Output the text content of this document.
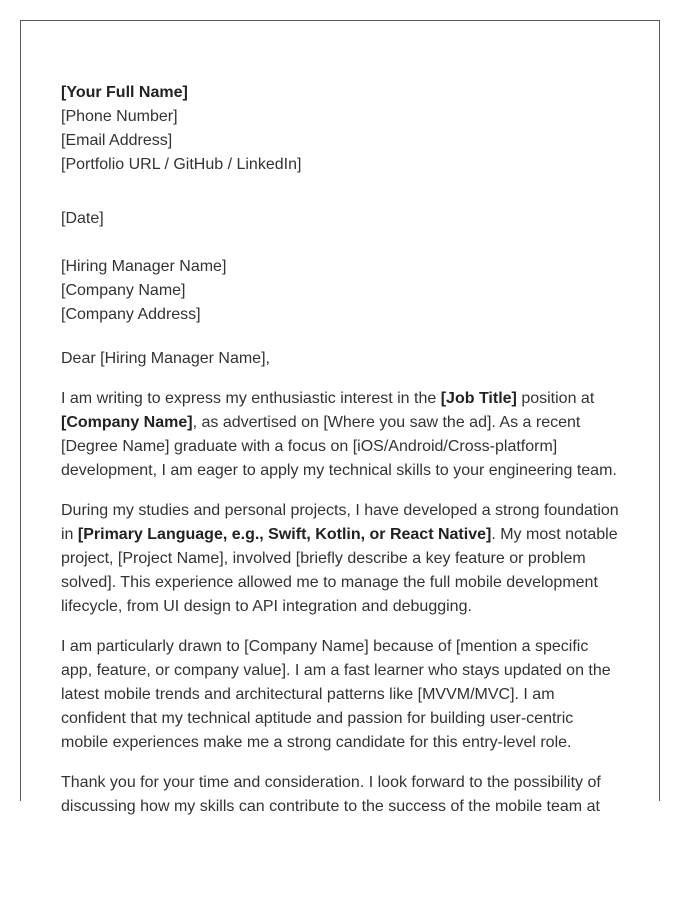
[Your Full Name]
[Phone Number]
[Email Address]
[Portfolio URL / GitHub / LinkedIn]
[Date]
[Hiring Manager Name]
[Company Name]
[Company Address]
Dear [Hiring Manager Name],

I am writing to express my enthusiastic interest in the [Job Title] position at
[Company Name], as advertised on [Where you saw the ad]. As a recent
[Degree Name] graduate with a focus on [iOS/Android/Cross-platform]
development, I am eager to apply my technical skills to your engineering team.

During my studies and personal projects, I have developed a strong foundation
in [Primary Language, e.g., Swift, Kotlin, or React Native]. My most notable
project, [Project Name], involved [briefly describe a key feature or problem
solved]. This experience allowed me to manage the full mobile development
lifecycle, from UI design to API integration and debugging.

I am particularly drawn to [Company Name] because of [mention a specific
app, feature, or company value]. I am a fast learner who stays updated on the
latest mobile trends and architectural patterns like [MVVM/MVC]. I am
confident that my technical aptitude and passion for building user-centric
mobile experiences make me a strong candidate for this entry-level role.

Thank you for your time and consideration. I look forward to the possibility of
discussing how my skills can contribute to the success of the mobile team at
